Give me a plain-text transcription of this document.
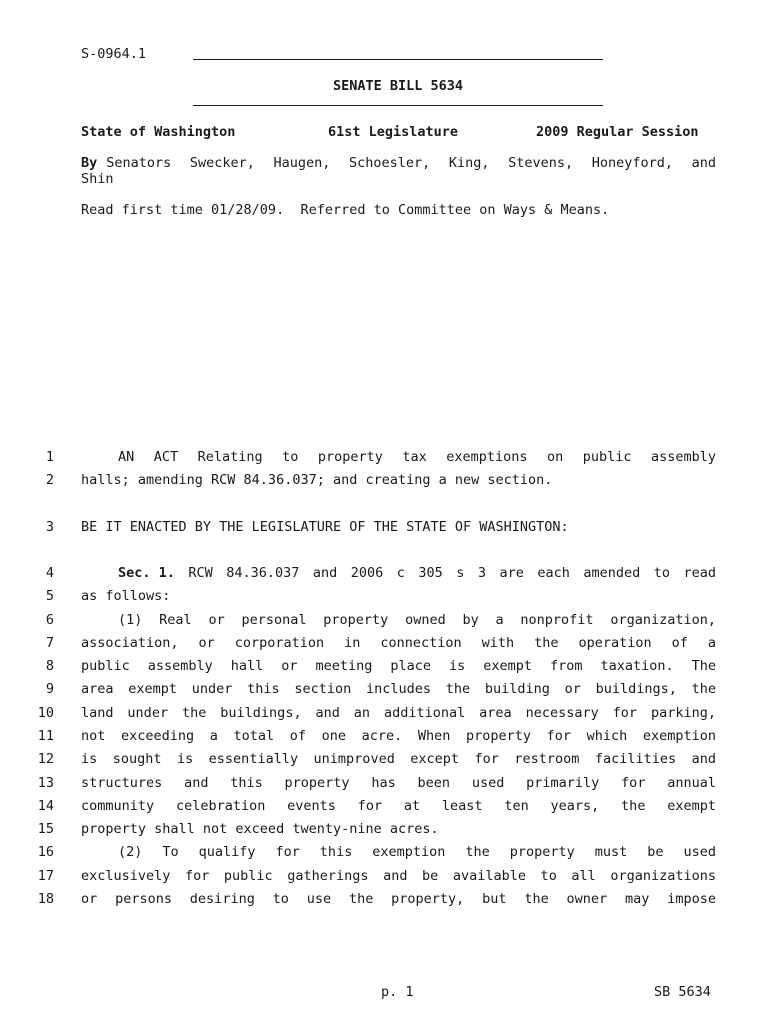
S-0964.1
SENATE BILL 5634
State of Washington	61st Legislature	2009 Regular Session
By Senators Swecker, Haugen, Schoesler, King, Stevens, Honeyford, and
Shin
Read first time 01/28/09.  Referred to Committee on Ways & Means.
1	AN ACT Relating to property tax exemptions on public assembly
2 halls; amending RCW 84.36.037; and creating a new section.
3 BE IT ENACTED BY THE LEGISLATURE OF THE STATE OF WASHINGTON:
4	Sec. 1. RCW 84.36.037 and 2006 c 305 s 3 are each amended to read
5 as follows:
6	(1) Real or personal property owned by a nonprofit organization,
7 association, or corporation in connection with the operation of a
8 public assembly hall or meeting place is exempt from taxation. The
9 area exempt under this section includes the building or buildings, the
10 land under the buildings, and an additional area necessary for parking,
11 not exceeding a total of one acre. When property for which exemption
12 is sought is essentially unimproved except for restroom facilities and
13 structures and this property has been used primarily for annual
14 community celebration events for at least ten years, the exempt
15 property shall not exceed twenty-nine acres.
16	(2) To qualify for this exemption the property must be used
17 exclusively for public gatherings and be available to all organizations
18 or persons desiring to use the property, but the owner may impose
p. 1	SB 5634
